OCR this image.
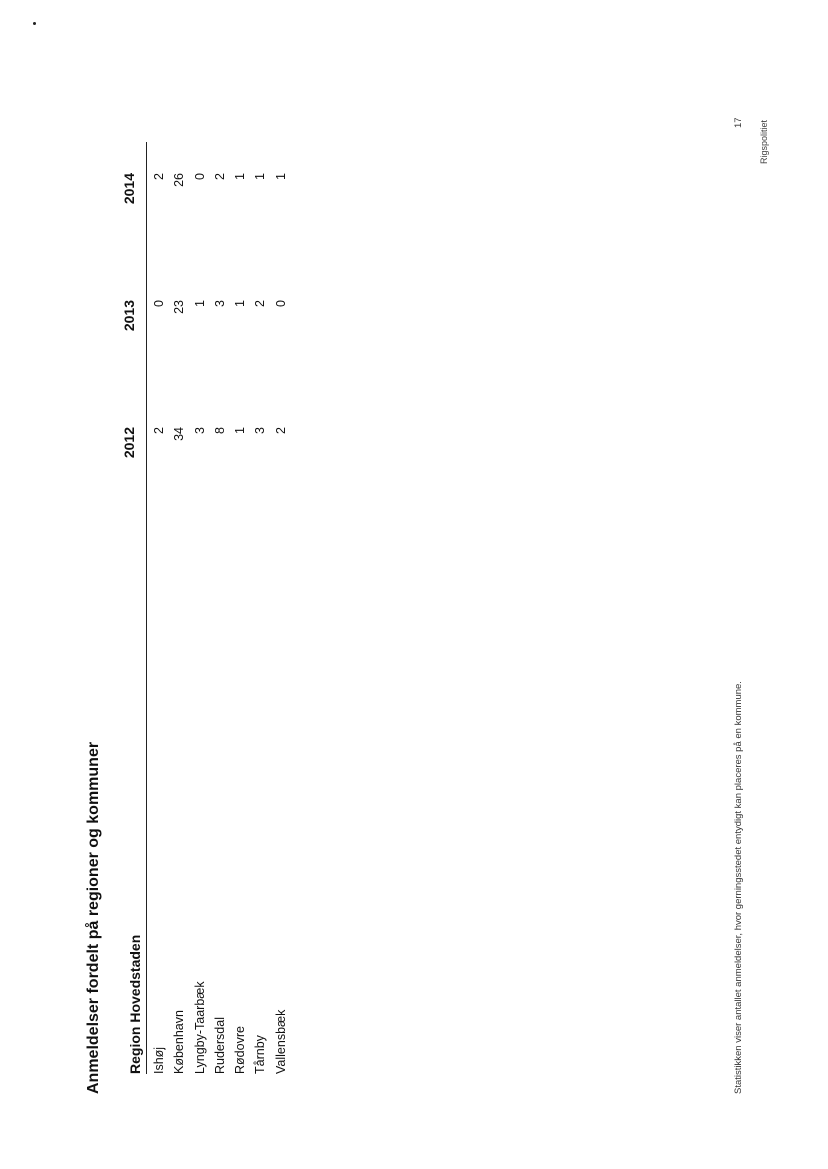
Anmeldelser fordelt på regioner og kommuner Region Hovedstaden
2012
2013
2014
Ishøj
2
0
2
København
34
23
26
Lyngby-Taarbæk
3
1
0
Rudersdal
8
3
2
Rødovre
1
1
1
Tårnby
3
2
1
Vallensbæk
2
0
1
Statistikken viser antallet anmeldelser, hvor gerningsstedet entydigt kan placeres på en kommune.
17 Rigspolitiet
